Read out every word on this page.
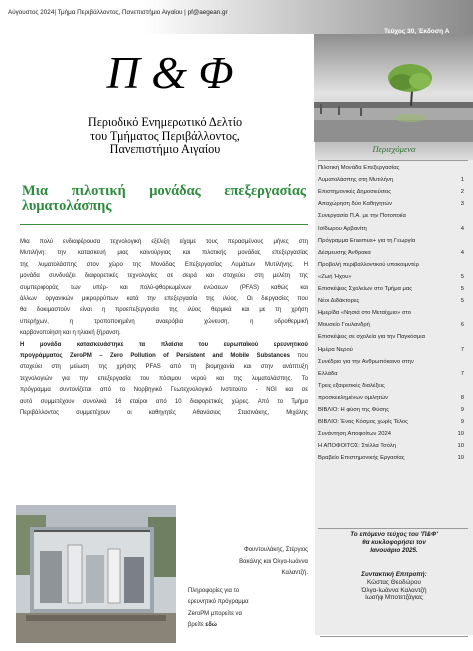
Αύγουστος 2024| Τμήμα Περιβάλλοντος, Πανεπιστήμιο Αιγαίου | pf@aegean.gr
Τεύχος 30, Έκδοση Α
Π & Φ
Περιοδικό Ενημερωτικό Δελτίο
του Τμήματος Περιβάλλοντος,
Πανεπιστήμιο Αιγαίου
Μια πιλοτική μονάδας επεξεργασίας
λυματολάσπης
Μια πολύ ενδιαφέρουσα τεχνολογική εξέλιξη είχαμε τους περασμένους μήνες στη
Μυτιλήνη: την κατασκευή μιας καινούργιας και πιλοτικής μονάδας επεξεργασίας
της λυματολάσπης στον χώρο της Μονάδας Επεξεργασίας Λυμάτων Μυτιλήνης. Η
μονάδα συνδυάζει διαφορετικές τεχνολογίες σε σειρά και στοχεύει στη μελέτη της
συμπεριφοράς των υπέρ- και πολύ-φθοριωμένων ενώσεων (PFAS) καθώς και
άλλων οργανικών μικρορρύπων κατά την επεξεργασία της ιλύος. Οι διεργασίες που
θα δοκιμαστούν είναι η προεπεξεργασία της ιλύος θερμικά και με τη χρήση
υπερήχων, η τροποποιημένη αναερόβια χώνευση, η υδροθερμική
καρβονοποίηση και η ηλιακή ξήρανση.
Η μονάδα κατασκευάστηκε τα πλαίσια του ευρωπαϊκού ερευνητικού
προγράμματος ZeroPM – Zero Pollution of Persistent and Mobile Substances που
στοχεύει στη μείωση της χρήσης PFAS από τη βιομηχανία και στην ανάπτυξη
τεχνολογιών για την επεξεργασία του πόσιμου νερού και της λυματολάσπης. Το
πρόγραμμα συντονίζεται από το Νορβηγικό Γεωτεχνολογικό Ινστιτούτο - NGI και σε
αυτό συμμετέχουν συνολικά 16 εταίροι από 10 διαφορετικές χώρες. Από το Τμήμα
Περιβάλλοντος συμμετέχουν οι καθηγητές Αθανάσιος Στασινάκης, Μιχάλης
Φουντουλάκης, Στέργιος
Βακάλης και Όλγα-Ιωάννα
Καλαντζή.
Πληροφορίες για το
ερευνητικό πρόγραμμα
ZeroPM μπορείτε να
βρείτε εδώ
Περιεχόμενα
Πιλοτική Μονάδα Επεξεργασίας
Λυματολάσπης στη Μυτιλήνη	1
Επιστημονικές Δημοσιεύσεις	2
Απαχώρηση δύο Καθηγητών	3
Συνεργασία Π.Α. με την Ποτοποιία
Ισίδωρου Αρβανίτη	4
Πρόγραμμα Erasmus+ για τη Γεωργία
Δέσμευσης Άνθρακα	4
Προβολή περιβαλλοντικού υποκοιμντέρ
«Ζωή Ήχου»	5
Επισκέψεις Σχολείων στο Τμήμα μας	5
Νέοι Διδάκτορες	5
Ημερίδα «Νησιά στο Μεταίχμιο» στο
Μουσείο Γουλανδρή	6
Επισκέψεις σε σχολεία για την Παγκόσμια
Ημέρα Νερού	7
Συνέδριο για την Ανθρωπόκαινο στην
Ελλάδα	7
Τρεις εξαιρετικές διαλέξεις
προσκεκλημένων ομιλητών	8
ΒΙΒΛΙΟ: Η φύση της Φύσης	9
ΒΙΒΛΙΟ: Ένας Κόσμος χωρίς Τέλος	9
Συνάντηση Αποφοίτων 2024	10
Η ΑΠΟΦΟΙΤΟΣ: Στέλλα Τσόλη	10
Βραβείο Επιστημονικής Εργασίας	10
Το επόμενο τεύχος του 'Π&Φ'
θα κυκλοφορήσει τον
Ιανουάριο 2025.
Συντακτική Επιτροπή:
Κώστας Θεοδώρου
Όλγα-Ιωάννα Καλαντζή
Ιωσήφ Μποτετζάγιας
